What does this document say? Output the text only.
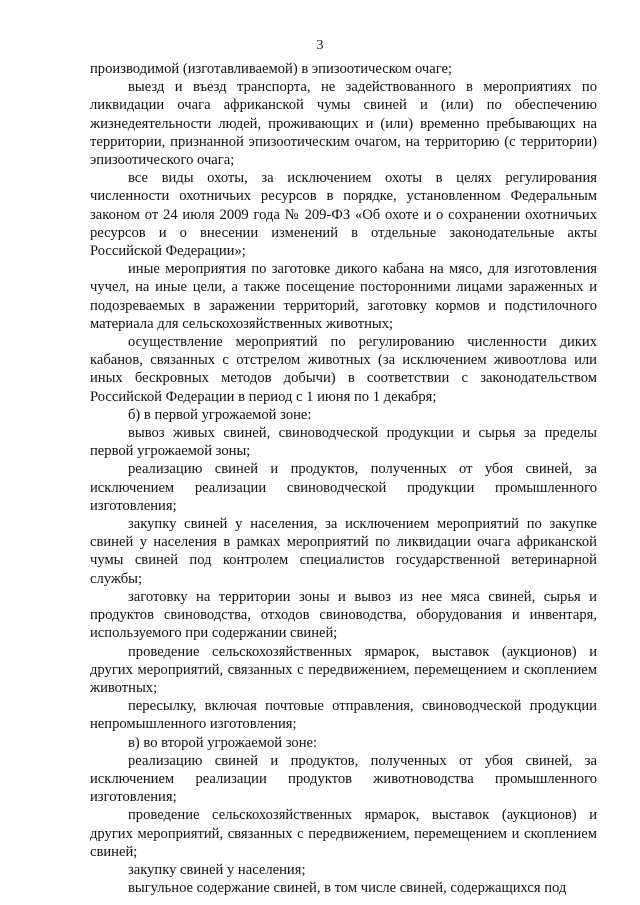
3

производимой (изготавливаемой) в эпизоотическом очаге;

выезд и въезд транспорта, не задействованного в мероприятиях по ликвидации очага африканской чумы свиней и (или) по обеспечению жизнедеятельности людей, проживающих и (или) временно пребывающих на территории, признанной эпизоотическим очагом, на территорию (с территории) эпизоотического очага;

все виды охоты, за исключением охоты в целях регулирования численности охотничьих ресурсов в порядке, установленном Федеральным законом от 24 июля 2009 года № 209-ФЗ «Об охоте и о сохранении охотничьих ресурсов и о внесении изменений в отдельные законодательные акты Российской Федерации»;

иные мероприятия по заготовке дикого кабана на мясо, для изготовления чучел, на иные цели, а также посещение посторонними лицами зараженных и подозреваемых в заражении территорий, заготовку кормов и подстилочного материала для сельскохозяйственных животных;

осуществление мероприятий по регулированию численности диких кабанов, связанных с отстрелом животных (за исключением живоотлова или иных бескровных методов добычи) в соответствии с законодательством Российской Федерации в период с 1 июня по 1 декабря;

б) в первой угрожаемой зоне:

вывоз живых свиней, свиноводческой продукции и сырья за пределы первой угрожаемой зоны;

реализацию свиней и продуктов, полученных от убоя свиней, за исключением реализации свиноводческой продукции промышленного изготовления;

закупку свиней у населения, за исключением мероприятий по закупке свиней у населения в рамках мероприятий по ликвидации очага африканской чумы свиней под контролем специалистов государственной ветеринарной службы;

заготовку на территории зоны и вывоз из нее мяса свиней, сырья и продуктов свиноводства, отходов свиноводства, оборудования и инвентаря, используемого при содержании свиней;

проведение сельскохозяйственных ярмарок, выставок (аукционов) и других мероприятий, связанных с передвижением, перемещением и скоплением животных;

пересылку, включая почтовые отправления, свиноводческой продукции непромышленного изготовления;

в) во второй угрожаемой зоне:

реализацию свиней и продуктов, полученных от убоя свиней, за исключением реализации продуктов животноводства промышленного изготовления;

проведение сельскохозяйственных ярмарок, выставок (аукционов) и других мероприятий, связанных с передвижением, перемещением и скоплением свиней;

закупку свиней у населения;

выгульное содержание свиней, в том числе свиней, содержащихся под
